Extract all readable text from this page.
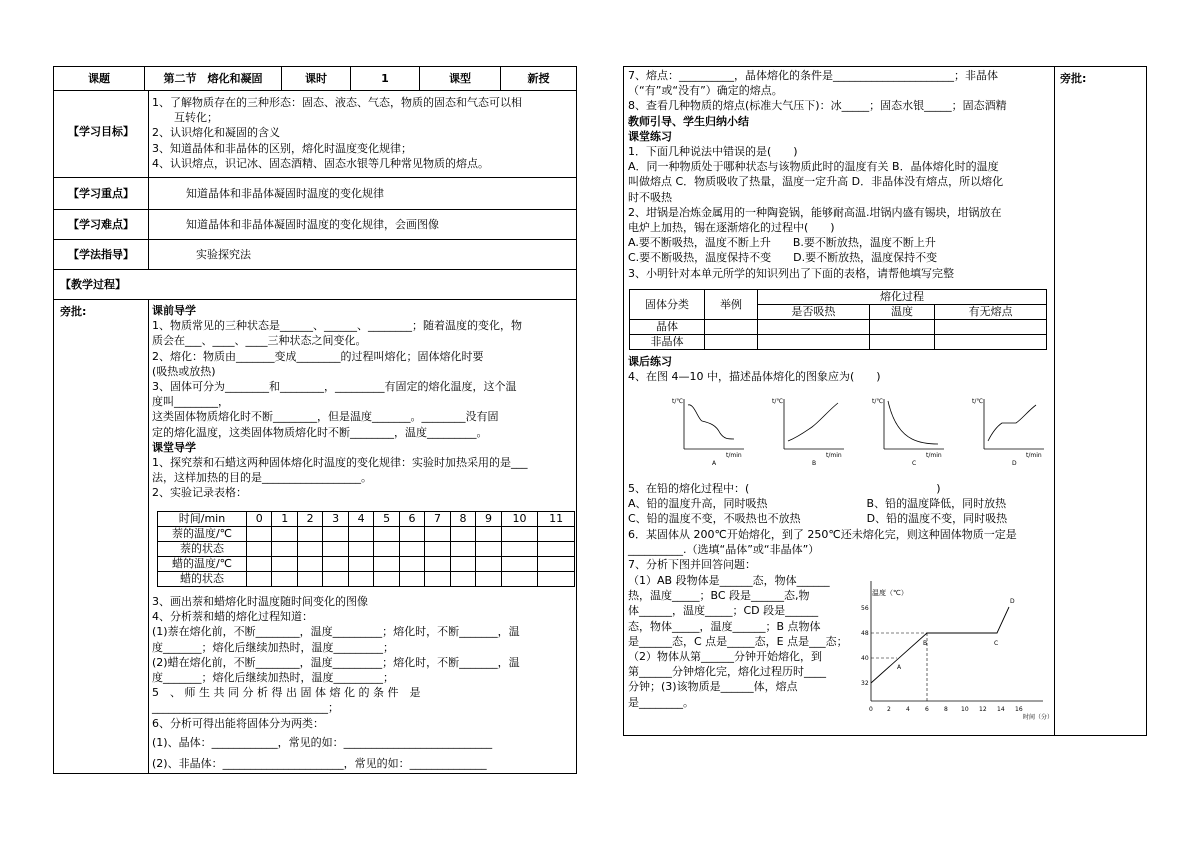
课题	第二节　熔化和凝固	课时	1	课型	新授
【学习目标】
1、了解物质存在的三种形态：固态、液态、气态，物质的固态和气态可以相
　　互转化；
2、认识熔化和凝固的含义
3、知道晶体和非晶体的区别，熔化时温度变化规律；
4、认识熔点，识记冰、固态酒精、固态水银等几种常见物质的熔点。
【学习重点】	知道晶体和非晶体凝固时温度的变化规律
【学习难点】	知道晶体和非晶体凝固时温度的变化规律，会画图像
【学法指导】	实验探究法
【教学过程】
旁批:	课前导学
1、物质常见的三种状态是______、______、________；随着温度的变化，物
质会在___、____、____三种状态之间变化。
2、熔化：物质由_______变成________的过程叫熔化；固体熔化时要
(吸热或放热)
3、固体可分为________和________，_________有固定的熔化温度，这个温
度叫________，
这类固体物质熔化时不断________，但是温度_______。________没有固
定的熔化温度，这类固体物质熔化时不断________，温度_________。
课堂导学
1、探究萘和石蜡这两种固体熔化时温度的变化规律：实验时加热采用的是___
法，这样加热的目的是__________________。
2、实验记录表格：
时间/min	0	1	2	3	4	5	6	7	8	9	10	11
萘的温度/℃												
萘的状态												
蜡的温度/℃												
蜡的状态												
3、画出萘和蜡熔化时温度随时间变化的图像
4、分析萘和蜡的熔化过程知道：
(1)萘在熔化前，不断________，温度_________；熔化时，不断_______，温
度_______；熔化后继续加热时，温度_________；
(2)蜡在熔化前，不断________，温度_________；熔化时，不断_______，温
度_______；熔化后继续加热时，温度_________；
5　、 师 生 共 同 分 析 得 出 固 体 熔 化 的 条 件　是
________________________________；
6、分析可得出能将固体分为两类：
(1)、晶体：____________，常见的如：___________________________
(2)、非晶体：______________________，常见的如：______________
旁批:
7、熔点：__________，晶体熔化的条件是______________________；非晶体
（“有”或“没有”）确定的熔点。
8、查看几种物质的熔点(标准大气压下)：冰_____；固态水银_____；固态酒精
教师引导、学生归纳小结
课堂练习
1．下面几种说法中错误的是(　　)
A．同一种物质处于哪种状态与该物质此时的温度有关 B．晶体熔化时的温度
叫做熔点 C．物质吸收了热量，温度一定升高 D．非晶体没有熔点，所以熔化
时不吸热
2、坩锅是冶炼金属用的一种陶瓷锅，能够耐高温.坩锅内盛有锡块，坩锅放在
电炉上加热，锡在逐渐熔化的过程中(　　)
A.要不断吸热，温度不断上升　　B.要不断放热，温度不断上升
C.要不断吸热，温度保持不变　　D.要不断放热，温度保持不变
3、小明针对本单元所学的知识列出了下面的表格，请帮他填写完整
固体分类	举例	熔化过程		
		是否吸热	温度	有无熔点
晶体				
非晶体				
课后练习
4、在图 4—10 中，描述晶体熔化的图象应为(　　)
t/℃
t/min
A
t/℃
t/min
B
t/℃
t/min
C
t/℃
t/min
D
5、在铅的熔化过程中：(　　　　　　　　　　　　　　　　　)
A、铅的温度升高，同时吸热　　　　　　　　　B、铅的温度降低，同时放热
C、铅的温度不变，不吸热也不放热　　　　　　D、铅的温度不变，同时吸热
6．某固体从 200℃开始熔化，到了 250℃还未熔化完，则这种固体物质一定是
__________.（选填“晶体”或“非晶体”）
7、分析下图并回答问题：
（1）AB 段物体是______态，物体______
热，温度_____；BC 段是______态,物
体______，温度_____；CD 段是______
态，物体_____，温度______；B 点物体
是______态，C 点是_____态，E 点是___态；
（2）物体从第______分钟开始熔化，到
第______分钟熔化完，熔化过程历时____
分钟；(3)该物质是______体，熔点
是________。
温度（℃）
56
48
40
32
A
B	C
D
0 2	4	6	8 10 12 14 16
时间（分）
